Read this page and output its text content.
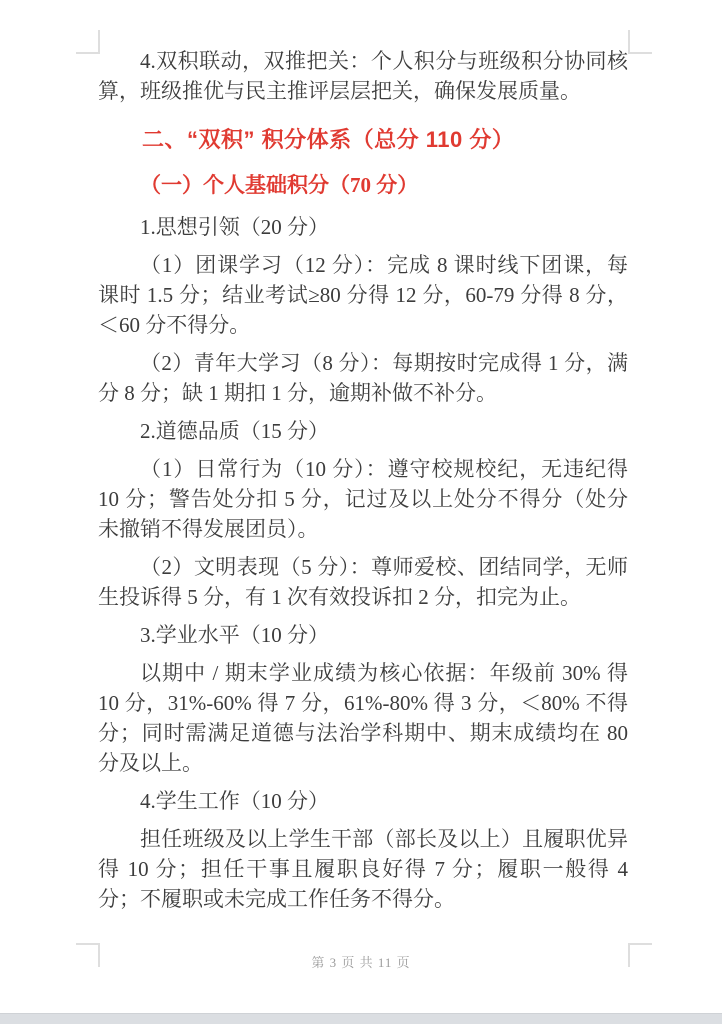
4.双积联动，双推把关：个人积分与班级积分协同核算，班级推优与民主推评层层把关，确保发展质量。

二、“双积” 积分体系（总分 110 分）
（一）个人基础积分（70 分）

1.思想引领（20 分）

（1）团课学习（12 分）：完成 8 课时线下团课，每课时 1.5 分；结业考试≥80 分得 12 分，60-79 分得 8 分，＜60 分不得分。

（2）青年大学习（8 分）：每期按时完成得 1 分，满分 8 分；缺 1 期扣 1 分，逾期补做不补分。

2.道德品质（15 分）

（1）日常行为（10 分）：遵守校规校纪，无违纪得 10 分；警告处分扣 5 分，记过及以上处分不得分（处分未撤销不得发展团员）。

（2）文明表现（5 分）：尊师爱校、团结同学，无师生投诉得 5 分，有 1 次有效投诉扣 2 分，扣完为止。

3.学业水平（10 分）

以期中 / 期末学业成绩为核心依据：年级前 30% 得 10 分，31%-60% 得 7 分，61%-80% 得 3 分，＜80% 不得分；同时需满足道德与法治学科期中、期末成绩均在 80 分及以上。

4.学生工作（10 分）

担任班级及以上学生干部（部长及以上）且履职优异得 10 分；担任干事且履职良好得 7 分；履职一般得 4 分；不履职或未完成工作任务不得分。

第 3 页 共 11 页
